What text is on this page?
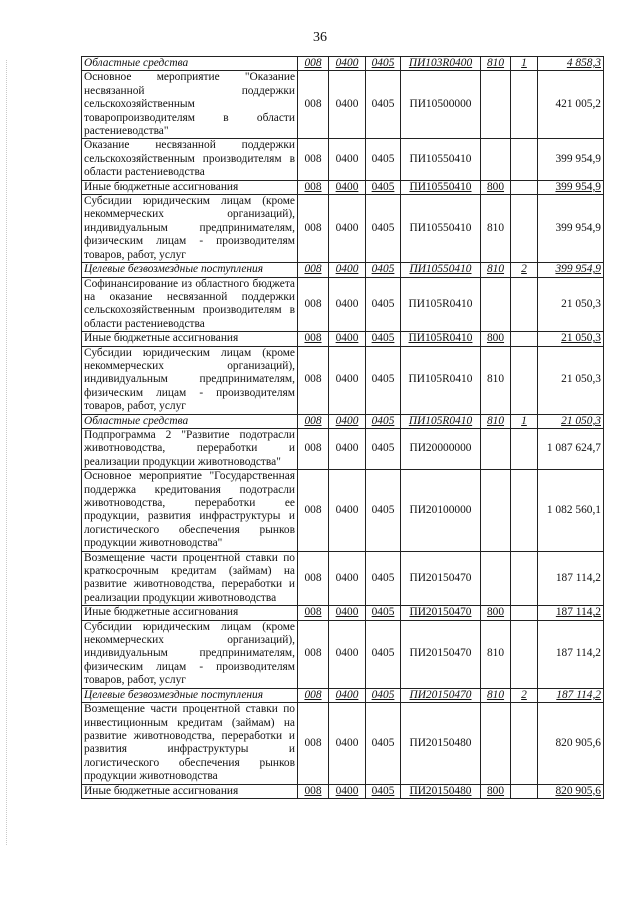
36
Областные средства	008	0400	0405	ПИ103R0400	810	1	4 858,3
Основное мероприятие "Оказание несвязанной поддержки сельскохозяйственным товаропроизводителям в области растениеводства"	008	0400	0405	ПИ10500000			421 005,2
Оказание несвязанной поддержки сельскохозяйственным производителям в области растениеводства	008	0400	0405	ПИ10550410			399 954,9
Иные бюджетные ассигнования	008	0400	0405	ПИ10550410	800		399 954,9
Субсидии юридическим лицам (кроме некоммерческих организаций), индивидуальным предпринимателям, физическим лицам - производителям товаров, работ, услуг	008	0400	0405	ПИ10550410	810		399 954,9
Целевые безвозмездные поступления	008	0400	0405	ПИ10550410	810	2	399 954,9
Софинансирование из областного бюджета на оказание несвязанной поддержки сельскохозяйственным производителям в области растениеводства	008	0400	0405	ПИ105R0410			21 050,3
Иные бюджетные ассигнования	008	0400	0405	ПИ105R0410	800		21 050,3
Субсидии юридическим лицам (кроме некоммерческих организаций), индивидуальным предпринимателям, физическим лицам - производителям товаров, работ, услуг	008	0400	0405	ПИ105R0410	810		21 050,3
Областные средства	008	0400	0405	ПИ105R0410	810	1	21 050,3
Подпрограмма 2 "Развитие подотрасли животноводства, переработки и реализации продукции животноводства"	008	0400	0405	ПИ20000000			1 087 624,7
Основное мероприятие "Государственная поддержка кредитования подотрасли животноводства, переработки ее продукции, развития инфраструктуры и логистического обеспечения рынков продукции животноводства"	008	0400	0405	ПИ20100000			1 082 560,1
Возмещение части процентной ставки по краткосрочным кредитам (займам) на развитие животноводства, переработки и реализации продукции животноводства	008	0400	0405	ПИ20150470			187 114,2
Иные бюджетные ассигнования	008	0400	0405	ПИ20150470	800		187 114,2
Субсидии юридическим лицам (кроме некоммерческих организаций), индивидуальным предпринимателям, физическим лицам - производителям товаров, работ, услуг	008	0400	0405	ПИ20150470	810		187 114,2
Целевые безвозмездные поступления	008	0400	0405	ПИ20150470	810	2	187 114,2
Возмещение части процентной ставки по инвестиционным кредитам (займам) на развитие животноводства, переработки и развития инфраструктуры и логистического обеспечения рынков продукции животноводства	008	0400	0405	ПИ20150480			820 905,6
Иные бюджетные ассигнования	008	0400	0405	ПИ20150480	800		820 905,6
